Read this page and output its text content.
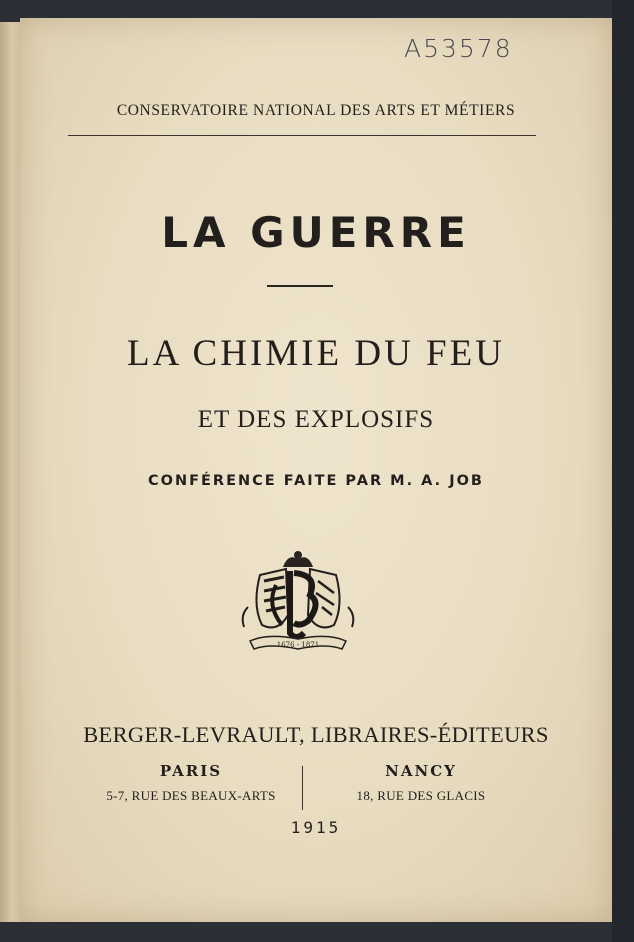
A53578
CONSERVATOIRE NATIONAL DES ARTS ET MÉTIERS
LA GUERRE
LA CHIMIE DU FEU
ET DES EXPLOSIFS
CONFÉRENCE FAITE PAR M. A. JOB
1676 - 1871
BERGER-LEVRAULT, LIBRAIRES-ÉDITEURS
PARIS
5-7, RUE DES BEAUX-ARTS
NANCY
18, RUE DES GLACIS
1915
